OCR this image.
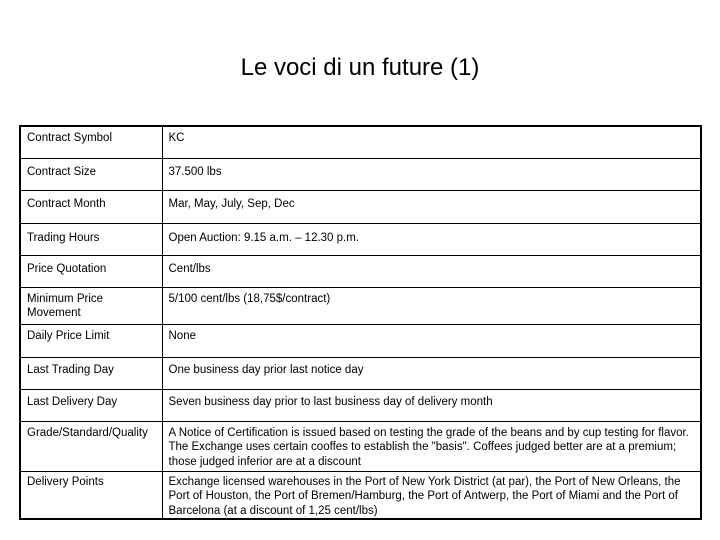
Le voci di un future (1)
Contract Symbol	KC
Contract Size	37.500 lbs
Contract Month	Mar, May, July, Sep, Dec
Trading Hours	Open Auction: 9.15 a.m. – 12.30 p.m.
Price Quotation	Cent/lbs
Minimum Price Movement	5/100 cent/lbs (18,75$/contract)
Daily Price Limit	None
Last Trading Day	One business day prior last notice day
Last Delivery Day	Seven business day prior to last business day of delivery month
Grade/Standard/Quality	A Notice of Certification is issued based on testing the grade of the beans and by cup testing for flavor. The Exchange uses certain cooffes to establish the "basis". Coffees judged better are at a premium; those judged inferior are at a discount
Delivery Points	Exchange licensed warehouses in the Port of New York District (at par), the Port of New Orleans, the Port of Houston, the Port of Bremen/Hamburg, the Port of Antwerp, the Port of Miami and the Port of Barcelona (at a discount of 1,25 cent/lbs)
